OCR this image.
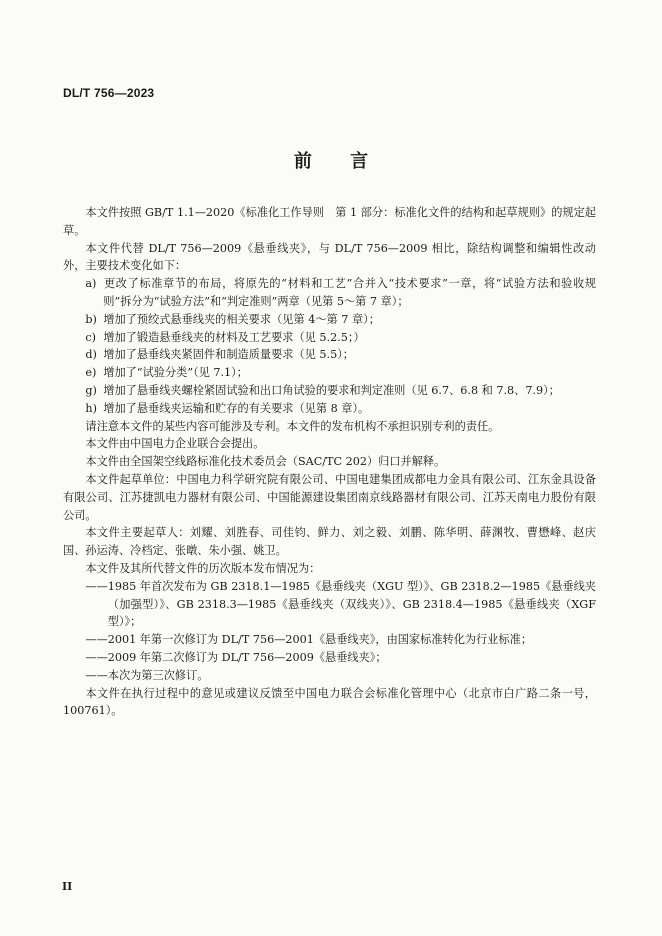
DL/T 756—2023
前 言

本文件按照 GB/T 1.1—2020《标准化工作导则　第 1 部分：标准化文件的结构和起草规则》的规定起草。

本文件代替 DL/T 756—2009《悬垂线夹》，与 DL/T 756—2009 相比，除结构调整和编辑性改动外，主要技术变化如下：

a) 更改了标准章节的布局，将原先的“材料和工艺”合并入“技术要求”一章，将“试验方法和验收规则”拆分为“试验方法”和“判定准则”两章（见第 5～第 7 章）；
b) 增加了预绞式悬垂线夹的相关要求（见第 4～第 7 章）；
c) 增加了锻造悬垂线夹的材料及工艺要求（见 5.2.5；）
d) 增加了悬垂线夹紧固件和制造质量要求（见 5.5）；
e) 增加了“试验分类”（见 7.1）；
g) 增加了悬垂线夹螺栓紧固试验和出口角试验的要求和判定准则（见 6.7、6.8 和 7.8、7.9）；
h) 增加了悬垂线夹运输和贮存的有关要求（见第 8 章）。

请注意本文件的某些内容可能涉及专利。本文件的发布机构不承担识别专利的责任。

本文件由中国电力企业联合会提出。

本文件由全国架空线路标准化技术委员会（SAC/TC 202）归口并解释。

本文件起草单位：中国电力科学研究院有限公司、中国电建集团成都电力金具有限公司、江东金具设备有限公司、江苏捷凯电力器材有限公司、中国能源建设集团南京线路器材有限公司、江苏天南电力股份有限公司。

本文件主要起草人：刘耀、刘胜春、司佳钧、鲜力、刘之毅、刘鹏、陈华明、薛渊牧、曹懋峰、赵庆国、孙运涛、冷档定、张暾、朱小强、姚卫。

本文件及其所代替文件的历次版本发布情况为：

——1985 年首次发布为 GB 2318.1—1985《悬垂线夹（XGU 型）》、GB 2318.2—1985《悬垂线夹（加强型）》、GB 2318.3—1985《悬垂线夹（双线夹）》、GB 2318.4—1985《悬垂线夹（XGF 型）》；
——2001 年第一次修订为 DL/T 756—2001《悬垂线夹》，由国家标准转化为行业标准；
——2009 年第二次修订为 DL/T 756—2009《悬垂线夹》；
——本次为第三次修订。

本文件在执行过程中的意见或建议反馈至中国电力联合会标准化管理中心（北京市白广路二条一号，100761）。

II
